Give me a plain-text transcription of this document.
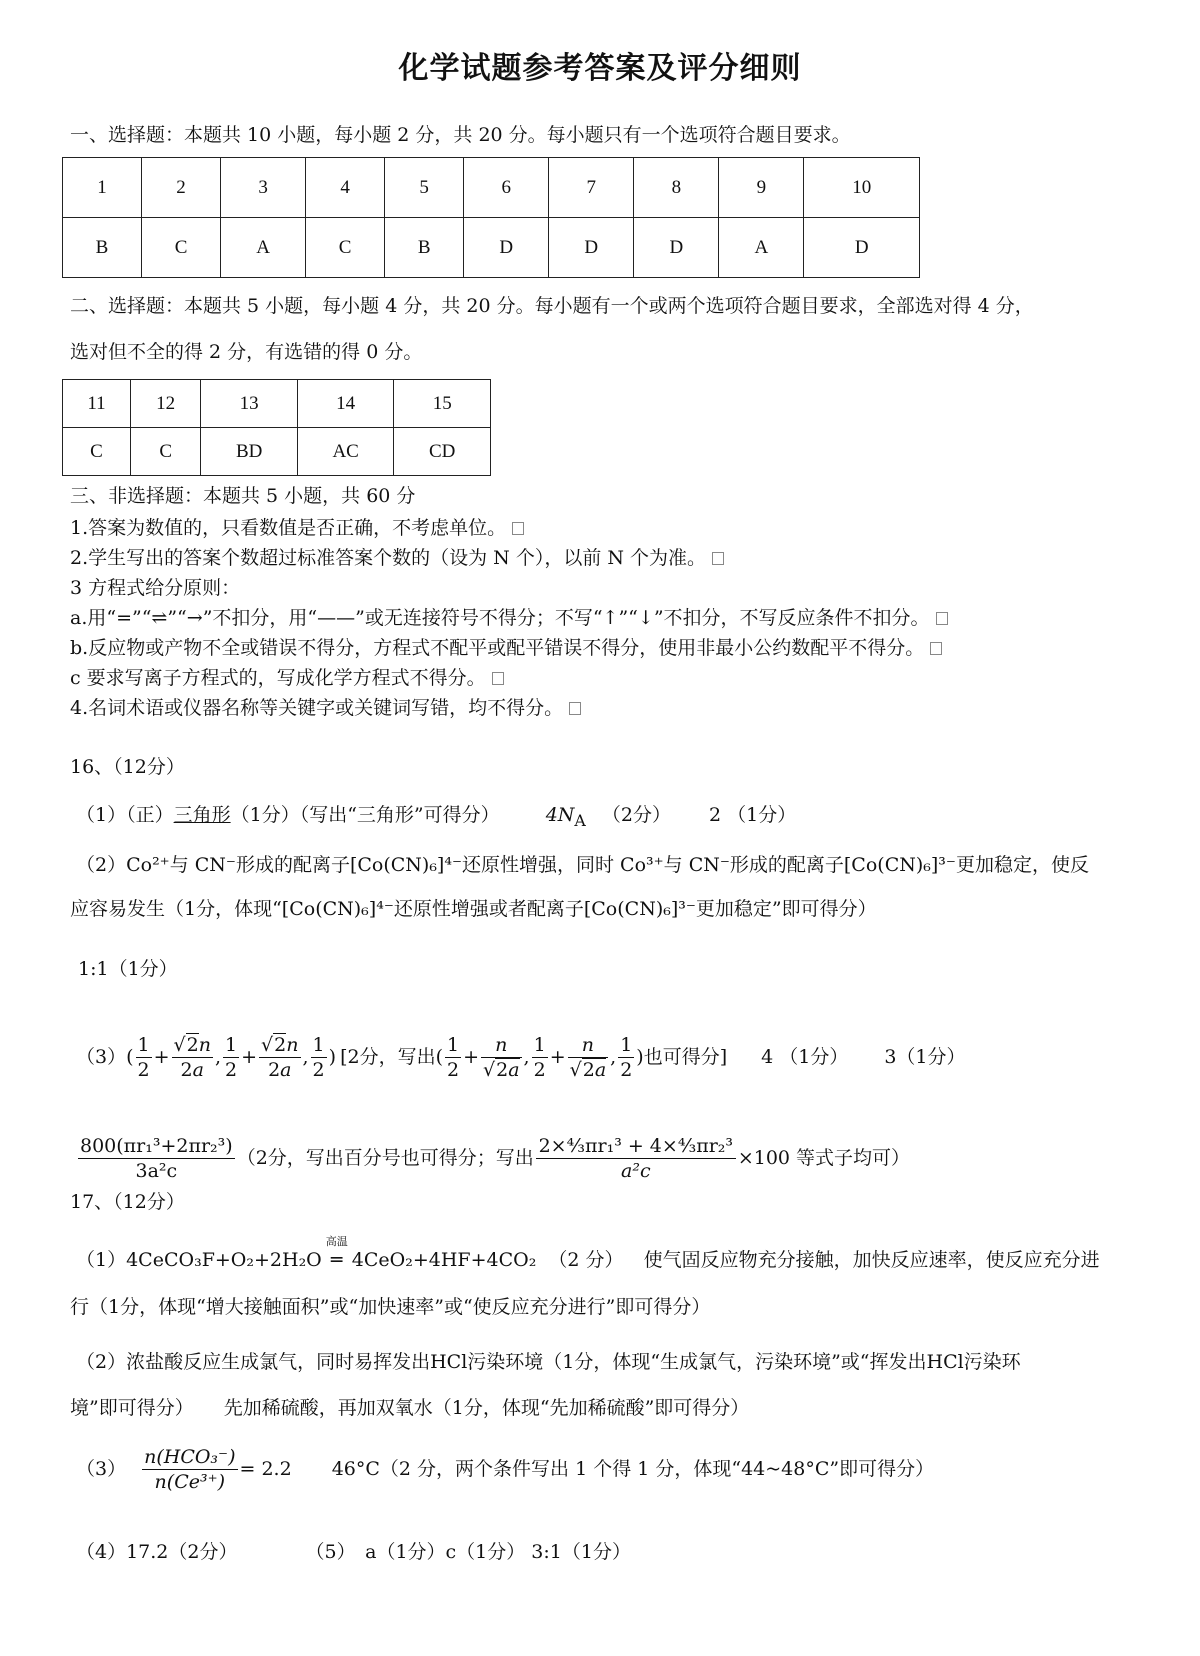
化学试题参考答案及评分细则
一、选择题：本题共 10 小题，每小题 2 分，共 20 分。每小题只有一个选项符合题目要求。
1	2	3	4	5	6	7	8	9	10
B	C	A	C	B	D	D	D	A	D
二、选择题：本题共 5 小题，每小题 4 分，共 20 分。每小题有一个或两个选项符合题目要求，全部选对得 4 分，
选对但不全的得 2 分，有选错的得 0 分。
11	12	13	14	15
C	C	BD	AC	CD
三、非选择题：本题共 5 小题，共 60 分
1.答案为数值的，只看数值是否正确，不考虑单位。
2.学生写出的答案个数超过标准答案个数的（设为 N 个），以前 N 个为准。
3 方程式给分原则：
a.用“=”“⇌”“→”不扣分，用“——”或无连接符号不得分；不写“↑”“↓”不扣分，不写反应条件不扣分。
b.反应物或产物不全或错误不得分，方程式不配平或配平错误不得分，使用非最小公约数配平不得分。
c 要求写离子方程式的，写成化学方程式不得分。
4.名词术语或仪器名称等关键字或关键词写错，均不得分。
16、（12分）
（1）（正）三角形（1分）（写出“三角形”可得分） $4N_A$ （2分） 2 （1分）
（2）Co²⁺与 CN⁻形成的配离子[Co(CN)₆]⁴⁻还原性增强，同时 Co³⁺与 CN⁻形成的配离子[Co(CN)₆]³⁻更加稳定，使反
应容易发生（1分，体现“[Co(CN)₆]⁴⁻还原性增强或者配离子[Co(CN)₆]³⁻更加稳定”即可得分）
1:1（1分）
（3） ( $\frac{1}{2} + \frac{√2n}{2a}$ , $\frac{1}{2} + \frac{√2n}{2a}$ , $\frac{1}{2}$ ) [2分，写出 ( $\frac{1}{2} + \frac{n}{√2a}$ , $\frac{1}{2} + \frac{n}{√2a}$ , $\frac{1}{2}$ ) 也可得分] 4 （1分） 3（1分）
$\frac{\text{800(πr₁³+2πr₂³)}}{\text{3a²c}} (2$分，写出百分号也可得分；写出 $\frac{\text{2×⁴⁄₃πr₁³ + 4×⁴⁄₃πr₂³}}{\text{a²c}} \times 100$ 等式子均可）
17、（12分）
（1）4CeCO₃F+O₂+2H₂O
高温
═ 4CeO₂+4HF+4CO₂ （2 分） 使气固反应物充分接触，加快反应速率，使反应充分进
行（1分，体现“增大接触面积”或“加快速率”或“使反应充分进行”即可得分）
（2）浓盐酸反应生成氯气，同时易挥发出HCl污染环境（1分，体现“生成氯气，污染环境”或“挥发出HCl污染环
境”即可得分） 先加稀硫酸，再加双氧水（1分，体现“先加稀硫酸”即可得分）
$(3) \frac{\text{n(HCO₃⁻)}}{\text{n(Ce³⁺)}} = 2.2$ 46°C（2 分，两个条件写出 1 个得 1 分，体现“44~48°C”即可得分）
（4）17.2（2分）	（5）　a（1分）c（1分） 3:1（1分）
